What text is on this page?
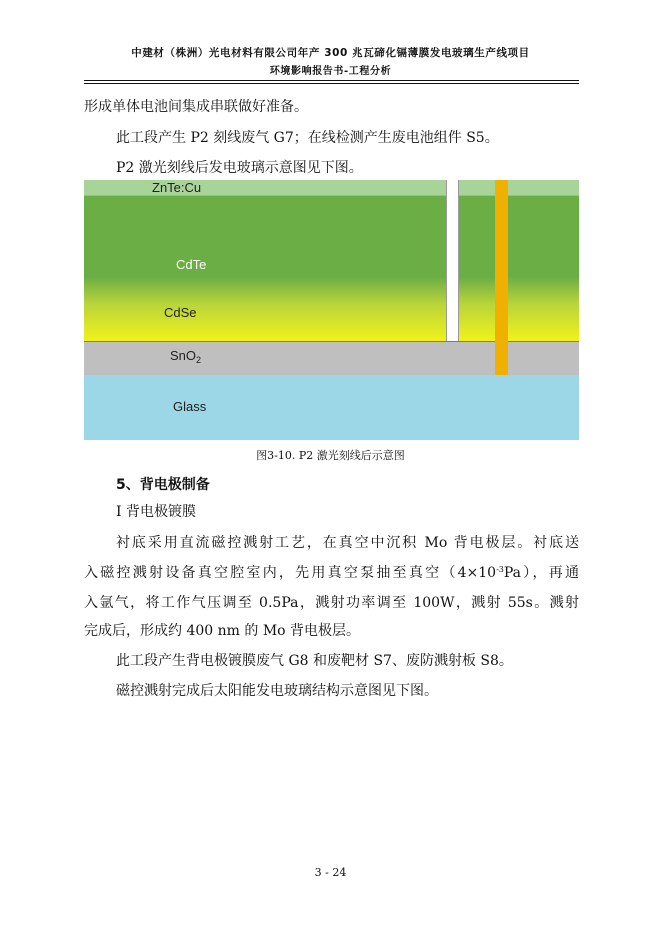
中建材（株洲）光电材料有限公司年产 300 兆瓦碲化镉薄膜发电玻璃生产线项目
环境影响报告书-工程分析
形成单体电池间集成串联做好准备。
此工段产生 P2 刻线废气 G7；在线检测产生废电池组件 S5。
P2 激光刻线后发电玻璃示意图见下图。
ZnTe:Cu
CdTe
CdSe
SnO$_2$
Glass
图3-10. P2 激光刻线后示意图
5、背电极制备
I 背电极镀膜
衬底采用直流磁控溅射工艺，在真空中沉积 Mo 背电极层。衬底送
入磁控溅射设备真空腔室内，先用真空泵抽至真空$(4\times 10^{-3}Pa)$，再通
入氩气，将工作气压调至 0.5Pa，溅射功率调至 100W，溅射 55s。溅射
完成后，形成约 400 nm 的 Mo 背电极层。
此工段产生背电极镀膜废气 G8 和废靶材 S7、废防溅射板 S8。
磁控溅射完成后太阳能发电玻璃结构示意图见下图。
3 - 24
